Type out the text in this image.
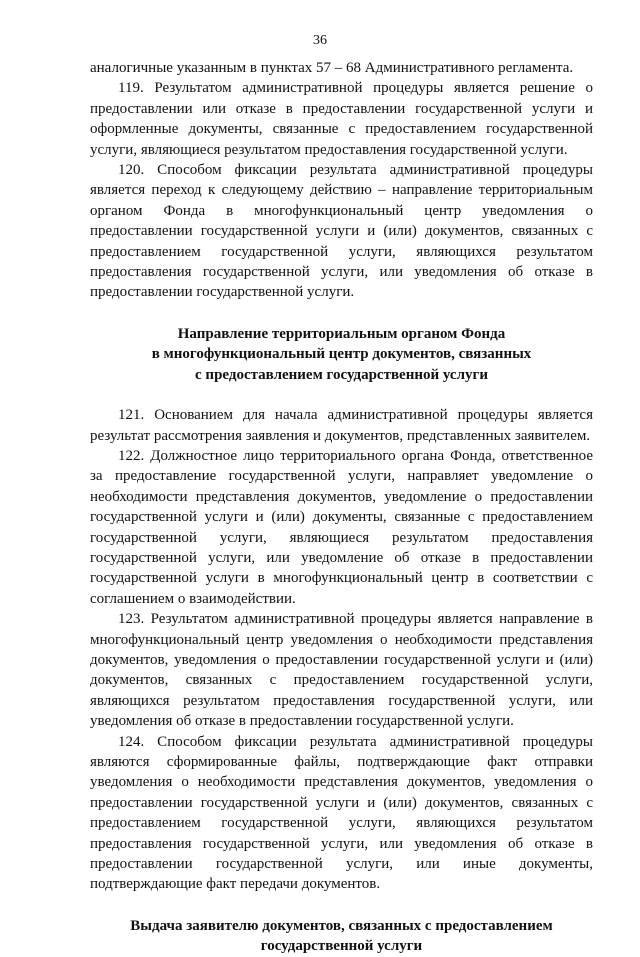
36

аналогичные указанным в пунктах 57 – 68 Административного регламента.

119. Результатом административной процедуры является решение о предоставлении или отказе в предоставлении государственной услуги и оформленные документы, связанные с предоставлением государственной услуги, являющиеся результатом предоставления государственной услуги.

120. Способом фиксации результата административной процедуры является переход к следующему действию – направление территориальным органом Фонда в многофункциональный центр уведомления о предоставлении государственной услуги и (или) документов, связанных с предоставлением государственной услуги, являющихся результатом предоставления государственной услуги, или уведомления об отказе в предоставлении государственной услуги.

Направление территориальным органом Фонда
в многофункциональный центр документов, связанных
с предоставлением государственной услуги

121. Основанием для начала административной процедуры является результат рассмотрения заявления и документов, представленных заявителем.

122. Должностное лицо территориального органа Фонда, ответственное за предоставление государственной услуги, направляет уведомление о необходимости представления документов, уведомление о предоставлении государственной услуги и (или) документы, связанные с предоставлением государственной услуги, являющиеся результатом предоставления государственной услуги, или уведомление об отказе в предоставлении государственной услуги в многофункциональный центр в соответствии с соглашением о взаимодействии.

123. Результатом административной процедуры является направление в многофункциональный центр уведомления о необходимости представления документов, уведомления о предоставлении государственной услуги и (или) документов, связанных с предоставлением государственной услуги, являющихся результатом предоставления государственной услуги, или уведомления об отказе в предоставлении государственной услуги.

124. Способом фиксации результата административной процедуры являются сформированные файлы, подтверждающие факт отправки уведомления о необходимости представления документов, уведомления о предоставлении государственной услуги и (или) документов, связанных с предоставлением государственной услуги, являющихся результатом предоставления государственной услуги, или уведомления об отказе в предоставлении государственной услуги, или иные документы, подтверждающие факт передачи документов.

Выдача заявителю документов, связанных с предоставлением
государственной услуги
